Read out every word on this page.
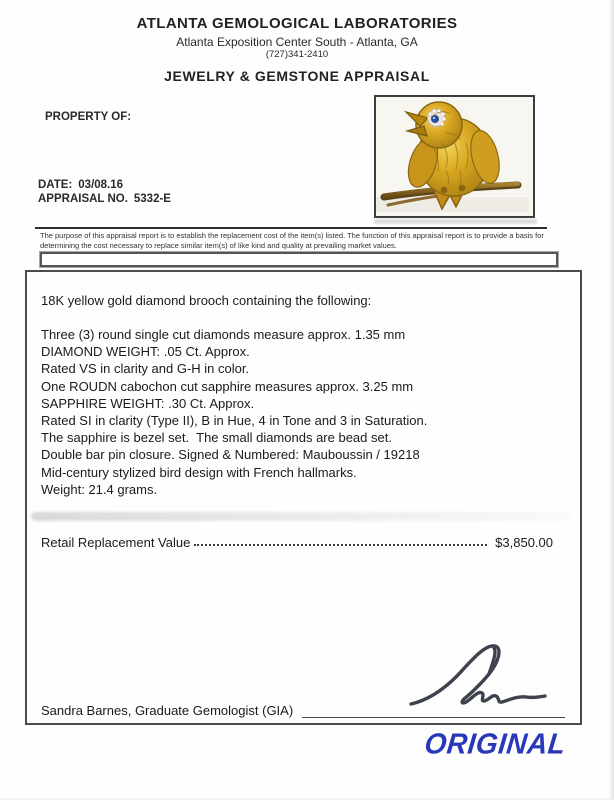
ATLANTA GEMOLOGICAL LABORATORIES
Atlanta Exposition Center South - Atlanta, GA
(727)341-2410
JEWELRY & GEMSTONE APPRAISAL
PROPERTY OF:
DATE: 03/08.16
APPRAISAL NO. 5332-E
The purpose of this appraisal report is to establish the replacement cost of the item(s) listed. The function of this appraisal report is to provide a basis for determining the cost necessary to replace similar item(s) of like kind and quality at prevailing market values.
18K yellow gold diamond brooch containing the following:
Three (3) round single cut diamonds measure approx. 1.35 mm
DIAMOND WEIGHT: .05 Ct. Approx.
Rated VS in clarity and G-H in color.
One ROUDN cabochon cut sapphire measures approx. 3.25 mm
SAPPHIRE WEIGHT: .30 Ct. Approx.
Rated SI in clarity (Type II), B in Hue, 4 in Tone and 3 in Saturation.
The sapphire is bezel set.  The small diamonds are bead set.
Double bar pin closure. Signed & Numbered: Mauboussin / 19218
Mid-century stylized bird design with French hallmarks.
Weight: 21.4 grams.
Retail Replacement Value	$3,850.00
Sandra Barnes, Graduate Gemologist (GIA)
ORIGINAL
